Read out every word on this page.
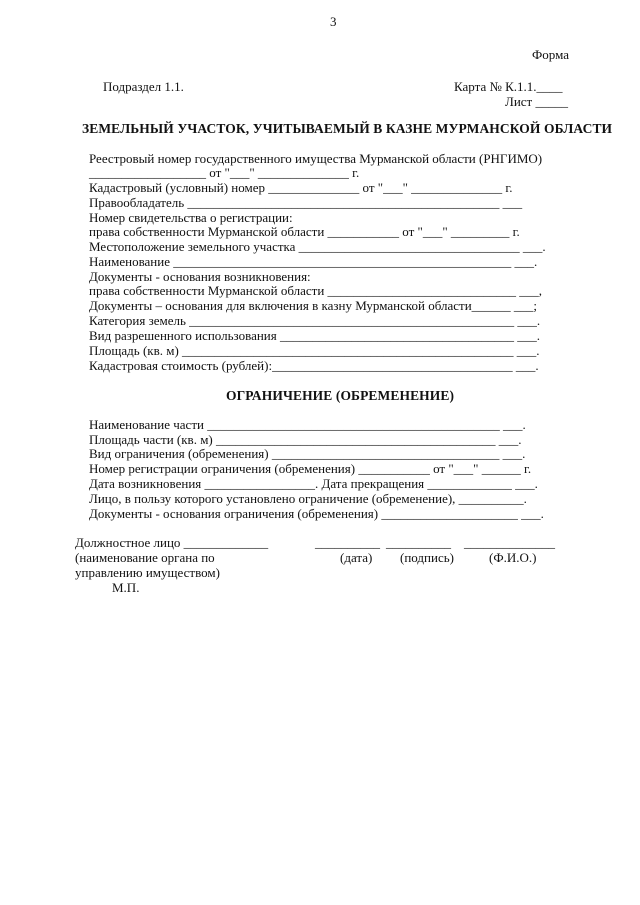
3
Форма
Подраздел 1.1.	Карта № К.1.1.____
Лист _____
ЗЕМЕЛЬНЫЙ УЧАСТОК, УЧИТЫВАЕМЫЙ В КАЗНЕ МУРМАНСКОЙ ОБЛАСТИ
Реестровый номер государственного имущества Мурманской области (РНГИМО)
__________________ от "___" ______________ г.
Кадастровый (условный) номер ______________ от "___" ______________ г.
Правообладатель ________________________________________________ ___
Номер свидетельства о регистрации:
права собственности Мурманской области ___________ от "___" _________ г.
Местоположение земельного участка __________________________________ ___.
Наименование ____________________________________________________ ___.
Документы - основания возникновения:
права собственности Мурманской области _____________________________ ___,
Документы – основания для включения в казну Мурманской области______ ___;
Категория земель __________________________________________________ ___.
Вид разрешенного использования ____________________________________ ___.
Площадь (кв. м) ___________________________________________________ ___.
Кадастровая стоимость (рублей):_____________________________________ ___.
ОГРАНИЧЕНИЕ (ОБРЕМЕНЕНИЕ)
Наименование части _____________________________________________ ___.
Площадь части (кв. м) ___________________________________________ ___.
Вид ограничения (обременения) ___________________________________ ___.
Номер регистрации ограничения (обременения) ___________ от "___" ______ г.
Дата возникновения _________________. Дата прекращения _____________ ___.
Лицо, в пользу которого установлено ограничение (обременение), __________.
Документы - основания ограничения (обременения) _____________________ ___.
Должностное лицо _____________
(наименование органа по
управлению имуществом)
М.П.
__________ __________ ______________
(дата) (подпись)	(Ф.И.О.)
